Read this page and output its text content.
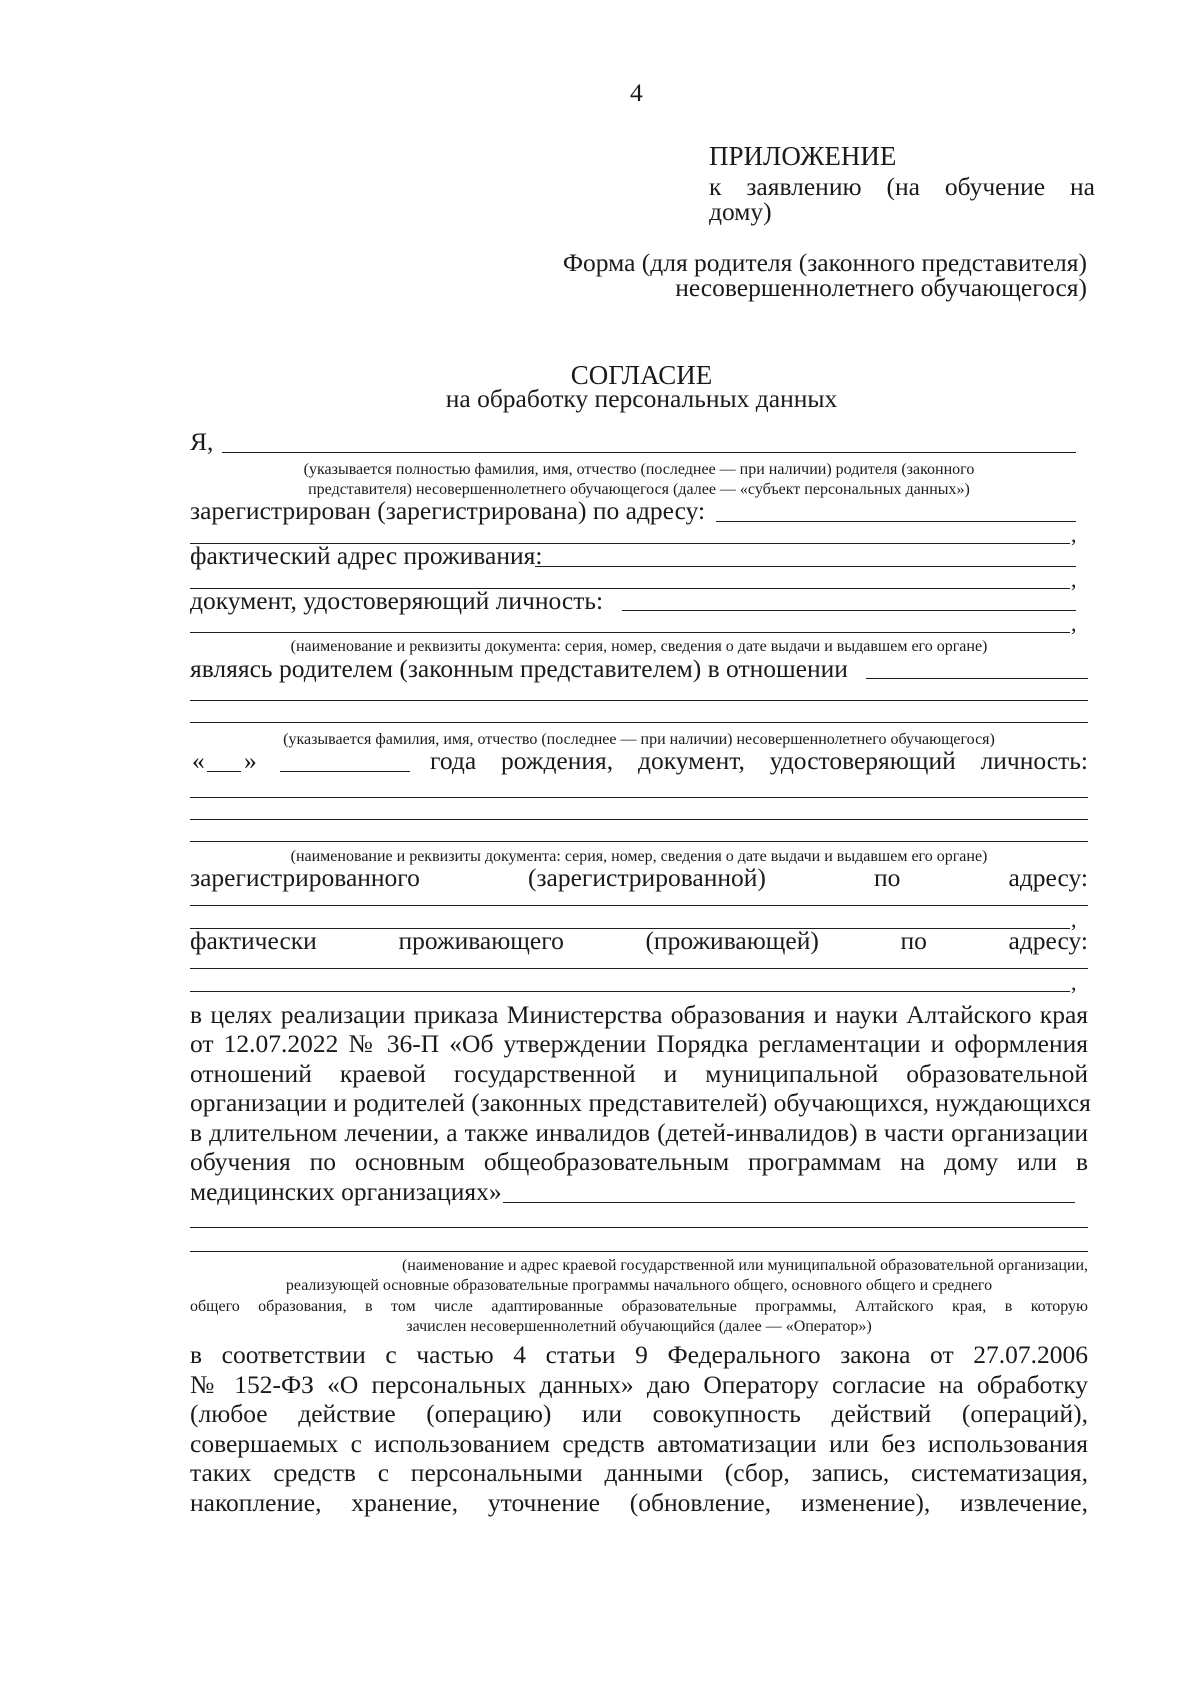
4
ПРИЛОЖЕНИЕ
к заявлению (на обучение на
дому)
Форма (для родителя (законного представителя)
несовершеннолетнего обучающегося)
СОГЛАСИЕ
на обработку персональных данных
Я,
(указывается полностью фамилия, имя, отчество (последнее — при наличии) родителя (законного
представителя) несовершеннолетнего обучающегося (далее — «субъект персональных данных»)
зарегистрирован (зарегистрирована) по адресу:
,
фактический адрес проживания:
,
документ, удостоверяющий личность:
,
(наименование и реквизиты документа: серия, номер, сведения о дате выдачи и выдавшем его органе)
являясь родителем (законным представителем) в отношении
(указывается фамилия, имя, отчество (последнее — при наличии) несовершеннолетнего обучающегося)
« »	года рождения, документ, удостоверяющий личность:
(наименование и реквизиты документа: серия, номер, сведения о дате выдачи и выдавшем его органе)
зарегистрированного	(зарегистрированной)	по	адресу:
,
фактически	проживающего	(проживающей)	по	адресу:
,
в целях реализации приказа Министерства образования и науки Алтайского края
от 12.07.2022 № 36-П «Об утверждении Порядка регламентации и оформления
отношений краевой государственной и муниципальной образовательной
организации и родителей (законных представителей) обучающихся, нуждающихся
в длительном лечении, а также инвалидов (детей-инвалидов) в части организации
обучения по основным общеобразовательным программам на дому или в
медицинских организациях»
(наименование и адрес краевой государственной или муниципальной образовательной организации,
реализующей основные образовательные программы начального общего, основного общего и среднего
общего образования, в том числе адаптированные образовательные программы, Алтайского края, в которую
зачислен несовершеннолетний обучающийся (далее — «Оператор»)
в соответствии с частью 4 статьи 9 Федерального закона от 27.07.2006
№ 152-ФЗ «О персональных данных» даю Оператору согласие на обработку
(любое действие (операцию) или совокупность действий (операций),
совершаемых с использованием средств автоматизации или без использования
таких средств с персональными данными (сбор, запись, систематизация,
накопление, хранение, уточнение (обновление, изменение), извлечение,
